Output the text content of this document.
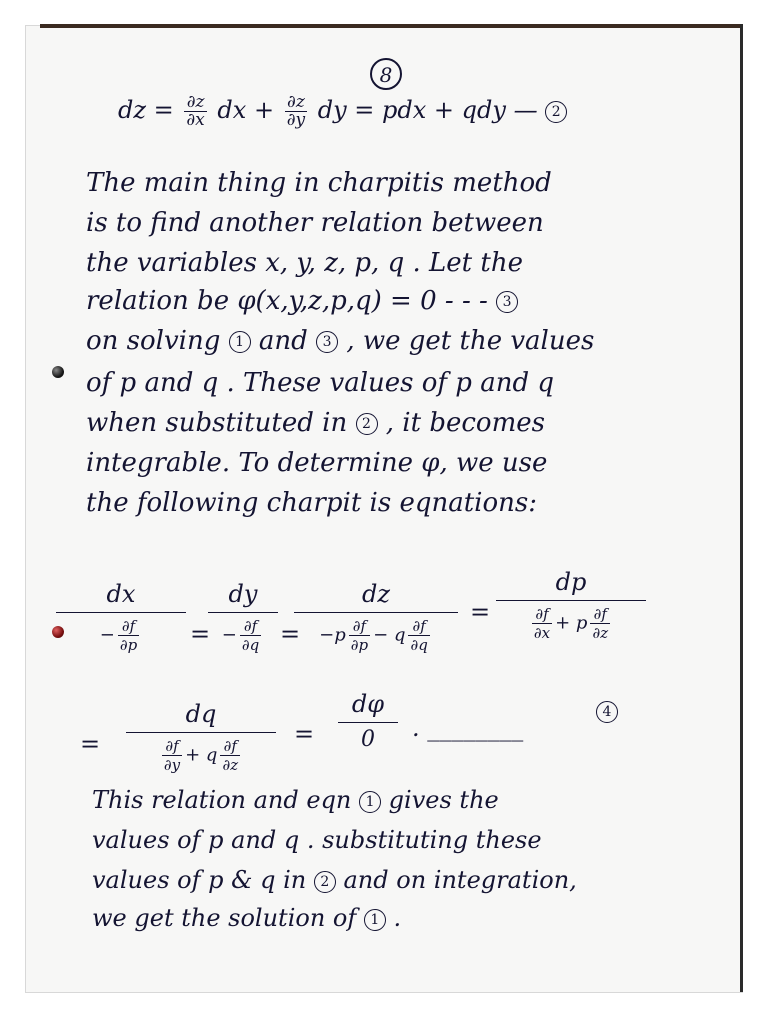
8
dz = $\frac{\partial z}{\partial x}$ dx + $\frac{\partial z}{\partial y}$ dy = pdx + qdy — 2
The main thing in charpitis method
is to find another relation between
the variables x, y, z, p, q . Let the
relation be φ(x,y,z,p,q) = 0 - - - 3
on solving 1 and 3 , we get the values
of p and q . These values of p and q
when substituted in 2 , it becomes
integrable. To determine φ, we use
the following charpit is eqnations:
dx
− $\frac{\partial f}{\partial p}$ =
dy
− $\frac{\partial f}{\partial q}$ =
dz
$-p \frac{\partial f}{\partial p} - q \frac{\partial f}{\partial q}$
=
dp
$\frac{\partial f}{\partial x} + p \frac{\partial f}{\partial z}$
=
dq
$\frac{\partial f}{\partial y} + q \frac{\partial f}{\partial z}$
=
dφ
0	. ________
4
This relation and eqn 1 gives the
values of p and q . substituting these
values of p & q in 2 and on integration,
we get the solution of 1 .
